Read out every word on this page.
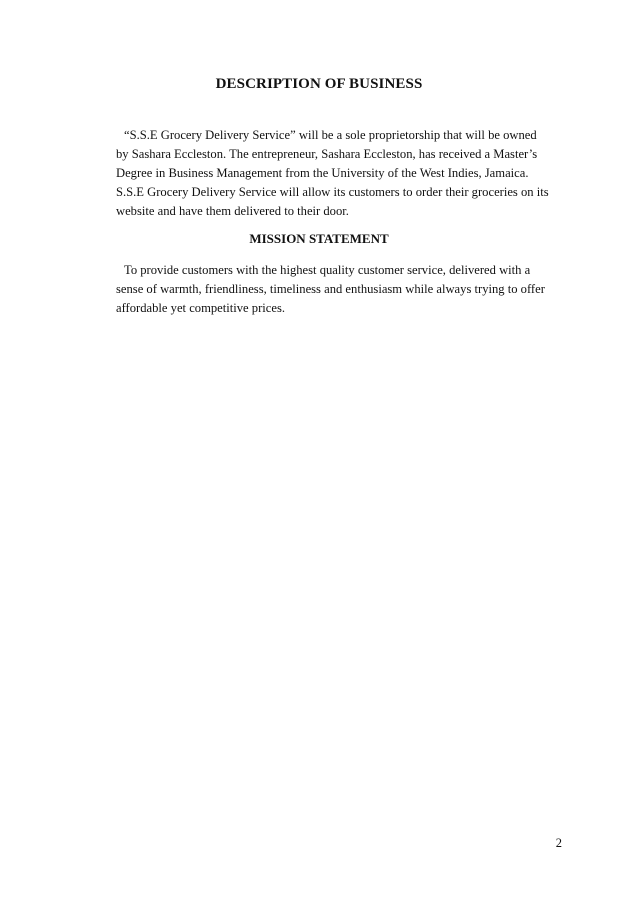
DESCRIPTION OF BUSINESS

“S.S.E Grocery Delivery Service” will be a sole proprietorship that will be owned
by Sashara Eccleston. The entrepreneur, Sashara Eccleston, has received a Master’s
Degree in Business Management from the University of the West Indies, Jamaica.
S.S.E Grocery Delivery Service will allow its customers to order their groceries on its
website and have them delivered to their door.

MISSION STATEMENT

To provide customers with the highest quality customer service, delivered with a
sense of warmth, friendliness, timeliness and enthusiasm while always trying to offer
affordable yet competitive prices.

2
